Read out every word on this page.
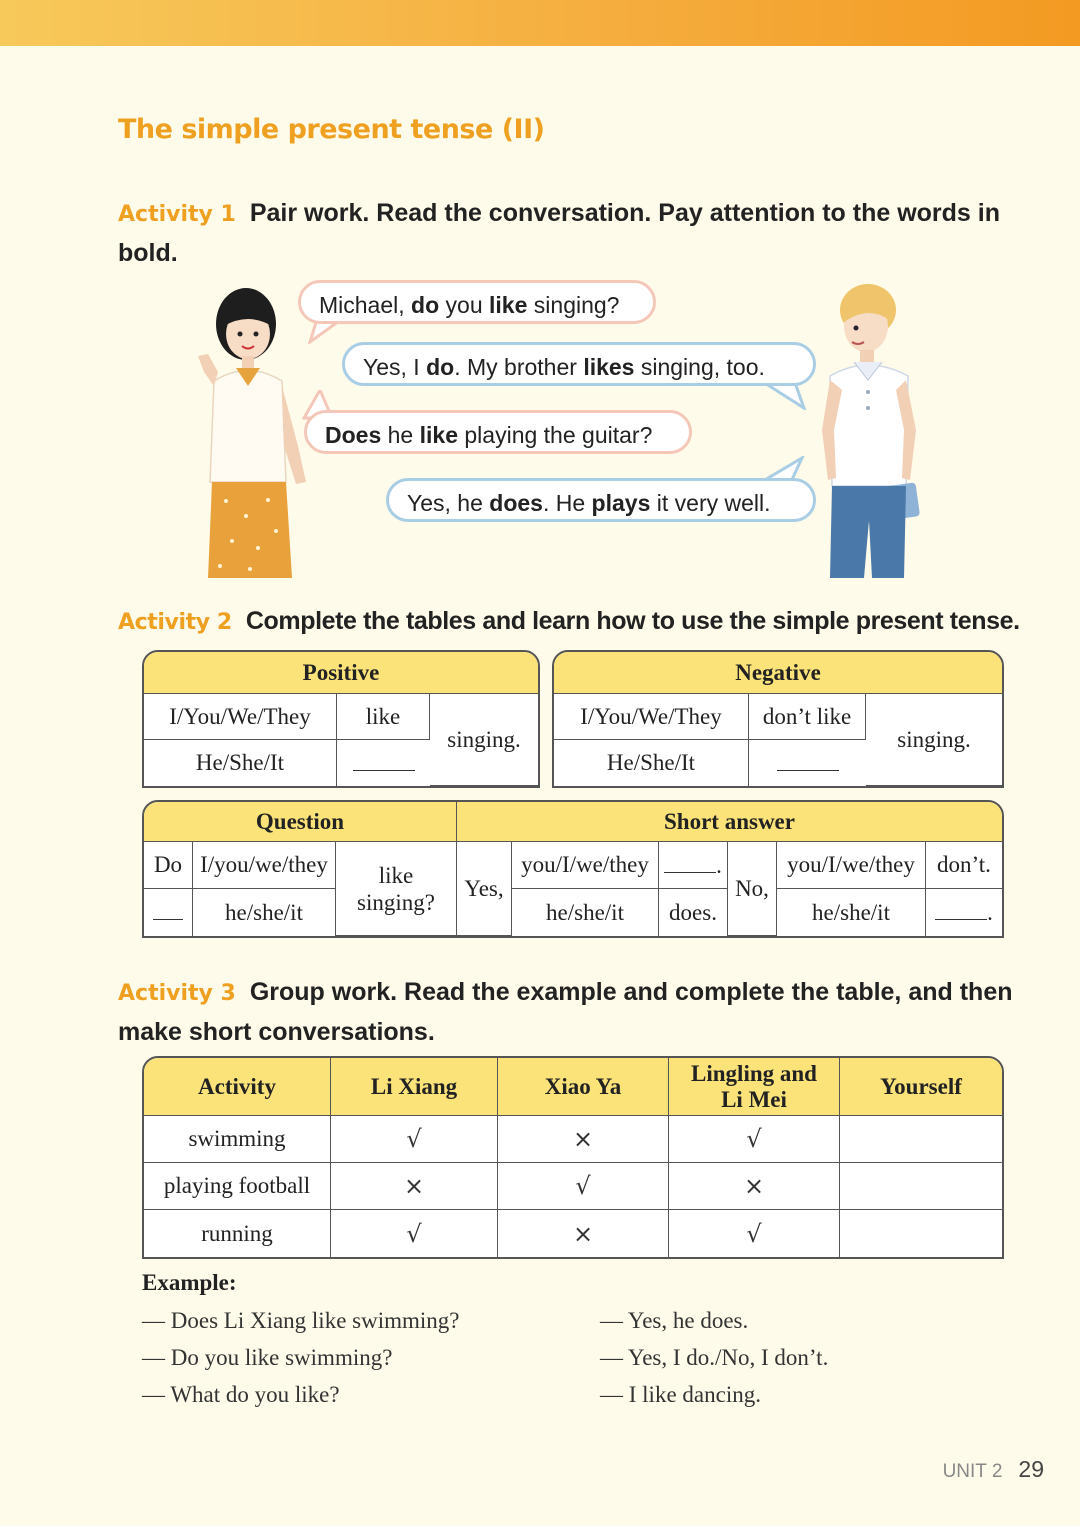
The simple present tense (II)
Activity 1 Pair work. Read the conversation. Pay attention to the words in bold.
Michael, do you like singing?
Yes, I do. My brother likes singing, too.
Does he like playing the guitar?
Yes, he does. He plays it very well.
Activity 2 Complete the tables and learn how to use the simple present tense.
Positive		
I/You/We/They	like	singing.
He/She/It		
Negative		
I/You/We/They	don’t like	singing.
He/She/It		
Question			Short answer					
Do	I/you/we/they	like singing?	Yes,	you/I/we/they	.	No,	you/I/we/they	don’t.
	he/she/it			he/she/it	does.		he/she/it	.
Activity 3 Group work. Read the example and complete the table, and then make short conversations.
Activity	Li Xiang	Xiao Ya	Lingling and Li Mei	Yourself
swimming	√	×	√	
playing football	×	√	×	
running	√	×	√	
Example:
— Does Li Xiang like swimming?	— Yes, he does.
— Do you like swimming?	— Yes, I do./No, I don’t.
— What do you like?	— I like dancing.
UNIT 2 29
